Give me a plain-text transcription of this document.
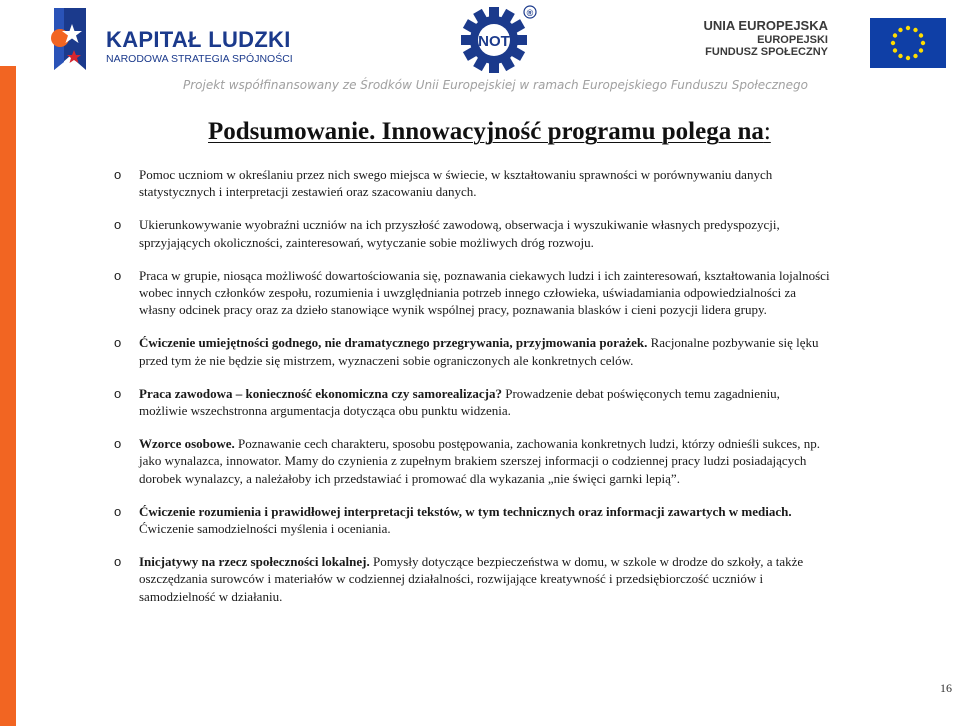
KAPITAŁ LUDZKI
NARODOWA STRATEGIA SPÓJNOŚCI
NOT
®
UNIA EUROPEJSKA
EUROPEJSKI
FUNDUSZ SPOŁECZNY
Projekt współfinansowany ze Środków Unii Europejskiej w ramach Europejskiego Funduszu Społecznego
Podsumowanie. Innowacyjność programu polega na:
o Pomoc uczniom w określaniu przez nich swego miejsca w świecie, w kształtowaniu sprawności w porównywaniu danych statystycznych i interpretacji zestawień oraz szacowaniu danych.
o Ukierunkowywanie wyobraźni uczniów na ich przyszłość zawodową, obserwacja i wyszukiwanie własnych predyspozycji, sprzyjających okoliczności, zainteresowań, wytyczanie sobie możliwych dróg rozwoju.
o Praca w grupie, niosąca możliwość dowartościowania się, poznawania ciekawych ludzi i ich zainteresowań, kształtowania lojalności wobec innych członków zespołu, rozumienia i uwzględniania potrzeb innego człowieka, uświadamiania odpowiedzialności za własny odcinek pracy oraz za dzieło stanowiące wynik wspólnej pracy, poznawania blasków i cieni pozycji lidera grupy.
o Ćwiczenie umiejętności godnego, nie dramatycznego przegrywania, przyjmowania porażek. Racjonalne pozbywanie się lęku przed tym że nie będzie się mistrzem, wyznaczeni sobie ograniczonych ale konkretnych celów.
o Praca zawodowa – konieczność ekonomiczna czy samorealizacja? Prowadzenie debat poświęconych temu zagadnieniu, możliwie wszechstronna argumentacja dotycząca obu punktu widzenia.
o Wzorce osobowe. Poznawanie cech charakteru, sposobu postępowania, zachowania konkretnych ludzi, którzy odnieśli sukces, np. jako wynalazca, innowator. Mamy do czynienia z zupełnym brakiem szerszej informacji o codziennej pracy ludzi posiadających dorobek wynalazcy, a należałoby ich przedstawiać i promować dla wykazania „nie święci garnki lepią”.
o Ćwiczenie rozumienia i prawidłowej interpretacji tekstów, w tym technicznych oraz informacji zawartych w mediach. Ćwiczenie samodzielności myślenia i oceniania.
o Inicjatywy na rzecz społeczności lokalnej. Pomysły dotyczące bezpieczeństwa w domu, w szkole w drodze do szkoły, a także oszczędzania surowców i materiałów w codziennej działalności, rozwijające kreatywność i przedsiębiorczość uczniów i samodzielność w działaniu.
16
